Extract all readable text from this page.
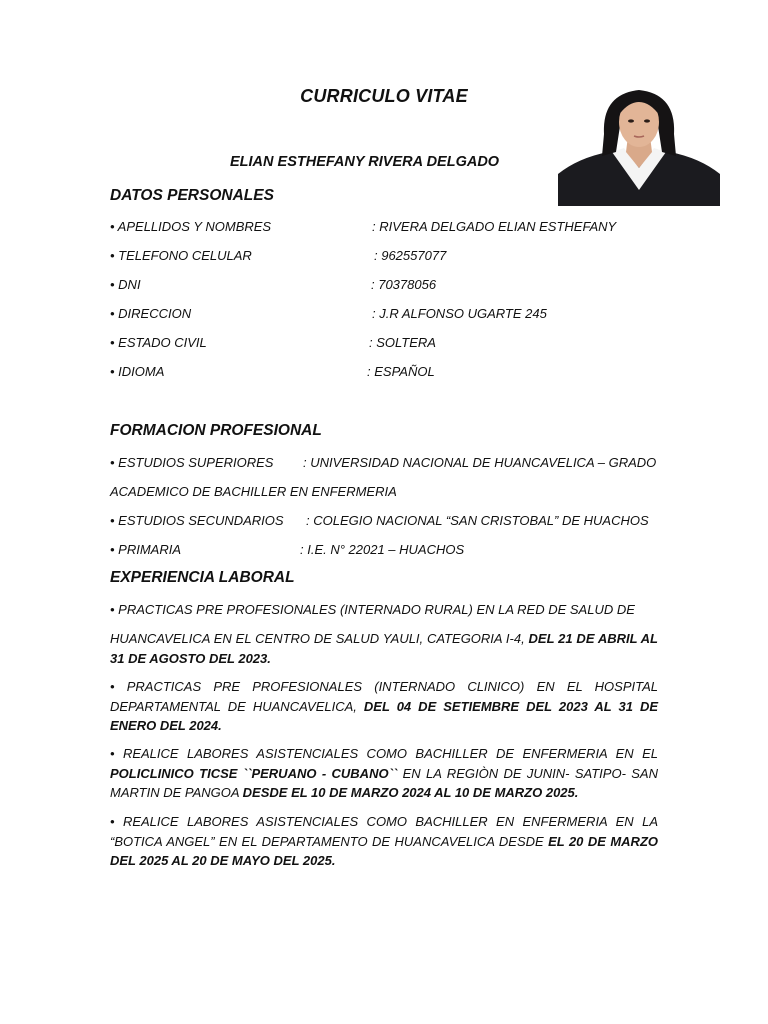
CURRICULO VITAE
ELIAN ESTHEFANY RIVERA DELGADO
DATOS PERSONALES
• APELLIDOS Y NOMBRES	: RIVERA DELGADO ELIAN ESTHEFANY
• TELEFONO CELULAR	: 962557077
• DNI	: 70378056
• DIRECCION	: J.R ALFONSO UGARTE 245
• ESTADO CIVIL	: SOLTERA
• IDIOMA	: ESPAÑOL
FORMACION PROFESIONAL
• ESTUDIOS SUPERIORES : UNIVERSIDAD NACIONAL DE HUANCAVELICA – GRADO
ACADEMICO DE BACHILLER EN ENFERMERIA
• ESTUDIOS SECUNDARIOS : COLEGIO NACIONAL “SAN CRISTOBAL” DE HUACHOS
• PRIMARIA	: I.E. N° 22021 – HUACHOS
EXPERIENCIA LABORAL
• PRACTICAS PRE PROFESIONALES (INTERNADO RURAL) EN LA RED DE SALUD DE
HUANCAVELICA EN EL CENTRO DE SALUD YAULI, CATEGORIA I-4, DEL 21 DE ABRIL AL 31 DE AGOSTO DEL 2023.
• PRACTICAS PRE PROFESIONALES (INTERNADO CLINICO) EN EL HOSPITAL DEPARTAMENTAL DE HUANCAVELICA, DEL 04 DE SETIEMBRE DEL 2023 AL 31 DE ENERO DEL 2024.
• REALICE LABORES ASISTENCIALES COMO BACHILLER DE ENFERMERIA EN EL POLICLINICO TICSE ``PERUANO - CUBANO`` EN LA REGIÒN DE JUNIN- SATIPO- SAN MARTIN DE PANGOA DESDE EL 10 DE MARZO 2024 AL 10 DE MARZO 2025.
• REALICE LABORES ASISTENCIALES COMO BACHILLER EN ENFERMERIA EN LA “BOTICA ANGEL” EN EL DEPARTAMENTO DE HUANCAVELICA DESDE EL 20 DE MARZO DEL 2025 AL 20 DE MAYO DEL 2025.
